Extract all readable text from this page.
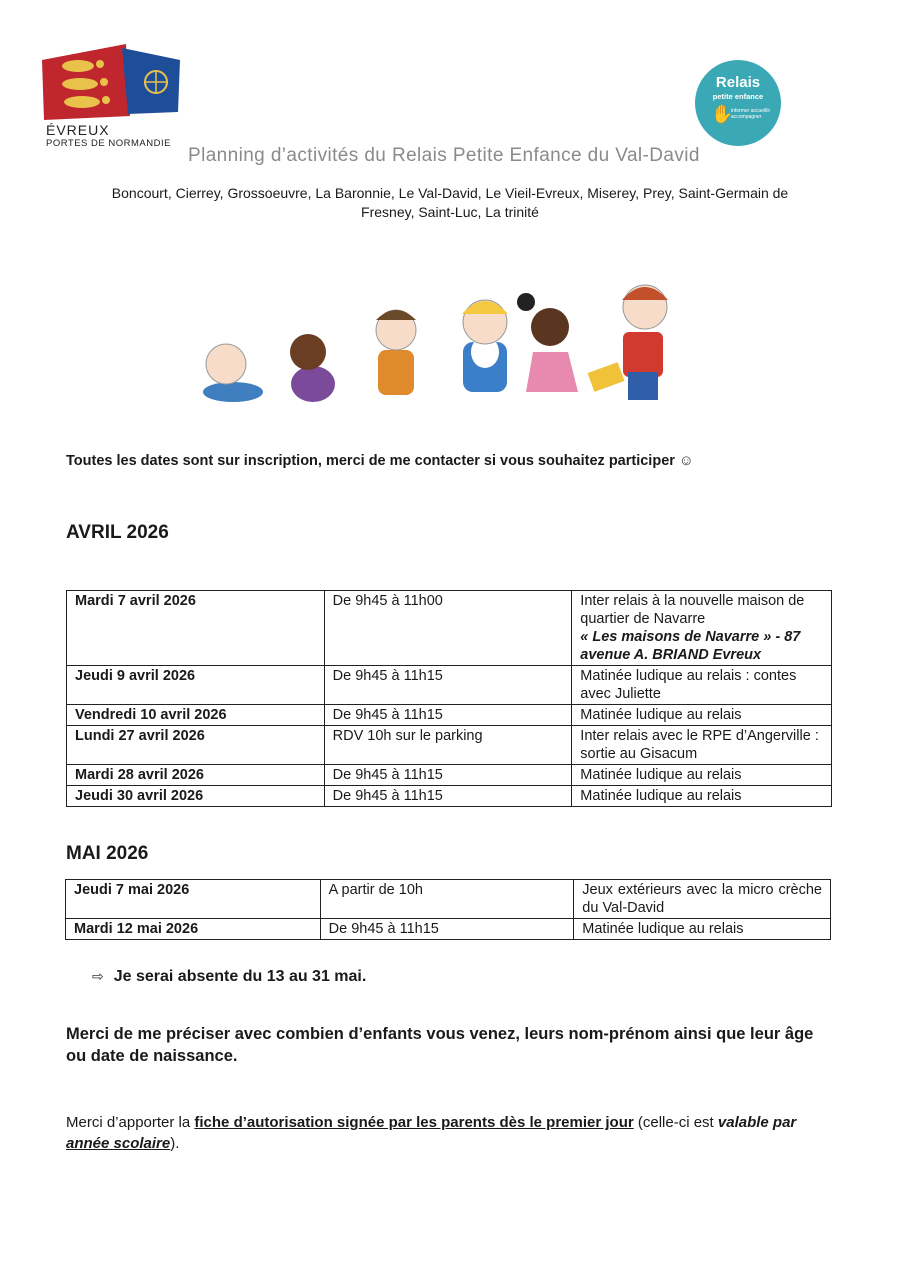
ÉVREUX
PORTES DE NORMANDIE
Relais
petite enfance
✋
informer accueillir accompagner
Planning d’activités du Relais Petite Enfance du Val-David
Boncourt, Cierrey, Grossoeuvre, La Baronnie, Le Val-David, Le Vieil-Evreux, Miserey, Prey, Saint-Germain de Fresney, Saint-Luc, La trinité
Toutes les dates sont sur inscription, merci de me contacter si vous souhaitez participer ☺
AVRIL 2026
Mardi 7 avril 2026	De 9h45 à 11h00	Inter relais à la nouvelle maison de quartier de Navarre
« Les maisons de Navarre » - 87 avenue A. BRIAND Evreux
Jeudi 9 avril 2026	De 9h45 à 11h15	Matinée ludique au relais : contes avec Juliette
Vendredi 10 avril 2026	De 9h45 à 11h15	Matinée ludique au relais
Lundi 27 avril 2026	RDV 10h sur le parking	Inter relais avec le RPE d’Angerville : sortie au Gisacum
Mardi 28 avril 2026	De 9h45 à 11h15	Matinée ludique au relais
Jeudi 30 avril 2026	De 9h45 à 11h15	Matinée ludique au relais
MAI 2026
Jeudi 7 mai 2026	A partir de 10h	Jeux extérieurs avec la micro crèche du Val-David
Mardi 12 mai 2026	De 9h45 à 11h15	Matinée ludique au relais
⇨ Je serai absente du 13 au 31 mai.
Merci de me préciser avec combien d’enfants vous venez, leurs nom-prénom ainsi que leur âge ou date de naissance.
Merci d’apporter la fiche d’autorisation signée par les parents dès le premier jour (celle-ci est valable par année scolaire).
